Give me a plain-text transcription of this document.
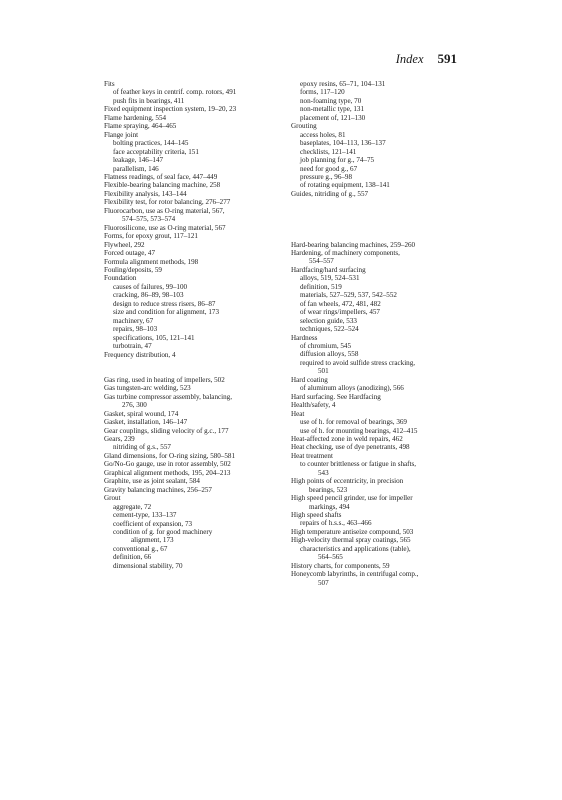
Index 591
Fits
of feather keys in centrif. comp. rotors, 491
push fits in bearings, 411
Fixed equipment inspection system, 19–20, 23
Flame hardening, 554
Flame spraying, 464–465
Flange joint
bolting practices, 144–145
face acceptability criteria, 151
leakage, 146–147
parallelism, 146
Flatness readings, of seal face, 447–449
Flexible-bearing balancing machine, 258
Flexibility analysis, 143–144
Flexibility test, for rotor balancing, 276–277
Fluorocarbon, use as O-ring material, 567,
574–575, 573–574
Fluorosilicone, use as O-ring material, 567
Forms, for epoxy grout, 117–121
Flywheel, 292
Forced outage, 47
Formula alignment methods, 198
Fouling/deposits, 59
Foundation
causes of failures, 99–100
cracking, 86–89, 98–103
design to reduce stress risers, 86–87
size and condition for alignment, 173
machinery, 67
repairs, 98–103
specifications, 105, 121–141
turbotrain, 47
Frequency distribution, 4
Gas ring, used in heating of impellers, 502
Gas tungsten-arc welding, 523
Gas turbine compressor assembly, balancing,
276, 300
Gasket, spiral wound, 174
Gasket, installation, 146–147
Gear couplings, sliding velocity of g.c., 177
Gears, 239
nitriding of g.s., 557
Gland dimensions, for O-ring sizing, 580–581
Go/No-Go gauge, use in rotor assembly, 502
Graphical alignment methods, 195, 204–213
Graphite, use as joint sealant, 584
Gravity balancing machines, 256–257
Grout
aggregate, 72
cement-type, 133–137
coefficient of expansion, 73
condition of g. for good machinery
alignment, 173
conventional g., 67
definition, 66
dimensional stability, 70
epoxy resins, 65–71, 104–131
forms, 117–120
non-foaming type, 70
non-metallic type, 131
placement of, 121–130
Grouting
access holes, 81
baseplates, 104–113, 136–137
checklists, 121–141
job planning for g., 74–75
need for good g., 67
pressure g., 96–98
of rotating equipment, 138–141
Guides, nitriding of g., 557
Hard-bearing balancing machines, 259–260
Hardening, of machinery components,
554–557
Hardfacing/hard surfacing
alloys, 519, 524–531
definition, 519
materials, 527–529, 537, 542–552
of fan wheels, 472, 481, 482
of wear rings/impellers, 457
selection guide, 533
techniques, 522–524
Hardness
of chromium, 545
diffusion alloys, 558
required to avoid sulfide stress cracking,
501
Hard coating
of aluminum alloys (anodizing), 566
Hard surfacing. See Hardfacing
Health/safety, 4
Heat
use of h. for removal of bearings, 369
use of h. for mounting bearings, 412–415
Heat-affected zone in weld repairs, 462
Heat checking, use of dye penetrants, 498
Heat treatment
to counter brittleness or fatigue in shafts,
543
High points of eccentricity, in precision
bearings, 523
High speed pencil grinder, use for impeller
markings, 494
High speed shafts
repairs of h.s.s., 463–466
High temperature antiseize compound, 503
High-velocity thermal spray coatings, 565
characteristics and applications (table),
564–565
History charts, for components, 59
Honeycomb labyrinths, in centrifugal comp.,
507
